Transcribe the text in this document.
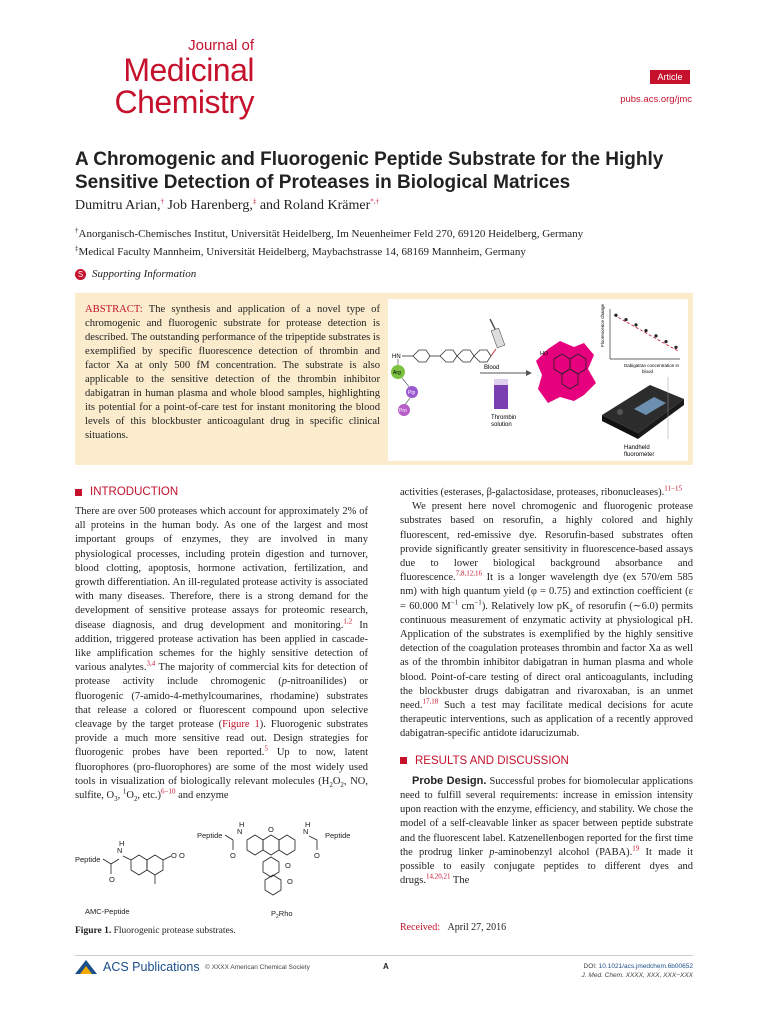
Journal of
Medicinal
Chemistry
Article
pubs.acs.org/jmc
A Chromogenic and Fluorogenic Peptide Substrate for the Highly Sensitive Detection of Proteases in Biological Matrices
Dumitru Arian,† Job Harenberg,‡ and Roland Krämer*,†
†Anorganisch-Chemisches Institut, Universität Heidelberg, Im Neuenheimer Feld 270, 69120 Heidelberg, Germany
‡Medical Faculty Mannheim, Universität Heidelberg, Maybachstrasse 14, 68169 Mannheim, Germany
S Supporting Information
ABSTRACT: The synthesis and application of a novel type of chromogenic and fluorogenic substrate for protease detection is described. The outstanding performance of the tripeptide substrates is exemplified by specific fluorescence detection of thrombin and factor Xa at only 500 fM concentration. The substrate is also applicable to the sensitive detection of the thrombin inhibitor dabigatran in human plasma and whole blood samples, highlighting its potential for a point-of-care test for instant monitoring the blood levels of this blockbuster anticoagulant drug in specific clinical situations.
HN
Arg
Pip
Pro
Blood
Thrombin
solution
HO
Fluorescence change
Dabigatran concentration in
blood
Handheld
fluorometer
INTRODUCTION
There are over 500 proteases which account for approximately 2% of all proteins in the human body. As one of the largest and most important groups of enzymes, they are involved in many physiological processes, including protein digestion and turnover, blood clotting, apoptosis, hormone activation, fertilization, and growth differentiation. An ill-regulated protease activity is associated with many diseases. Therefore, there is a strong demand for the development of sensitive protease assays for proteomic research, disease diagnosis, and drug development and monitoring.$^{1,2}$ In addition, triggered protease activation has been applied in cascade-like amplification schemes for the highly sensitive detection of various analytes.$^{3,4}$ The majority of commercial kits for detection of protease activity include chromogenic (p-nitroanilides) or fluorogenic (7-amido-4-methylcoumarines, rhodamine) substrates that release a colored or fluorescent compound upon selective cleavage by the target protease (Figure 1). Fluorogenic substrates provide a much more sensitive read out. Design strategies for fluorogenic probes have been reported.$^5$ Up to now, latent fluorophores (pro-fluorophores) are some of the most widely used tools in visualization of biologically relevant molecules ($H_2O_2$, NO, sulfite, $O_3$, $^1O_2$, etc.)$^{6-10}$ and enzyme
Peptide
O
N
H
O O
AMC-Peptide
Peptide
O
N
H
O	N
H
O
Peptide
O
O
$P_2Rho$
Figure 1. Fluorogenic protease substrates.
activities (esterases, β-galactosidase, proteases, ribonucleases).$^{11-15}$
We present here novel chromogenic and fluorogenic protease substrates based on resorufin, a highly colored and highly fluorescent, red-emissive dye. Resorufin-based substrates often provide significantly greater sensitivity in fluorescence-based assays due to lower biological background absorbance and fluorescence.$^{7,8,12,16}$ It is a longer wavelength dye (ex 570/em 585 nm) with high quantum yield (φ = 0.75) and extinction coefficient (ε = 60.000 $M^{-1}$ $cm^{-1}$). Relatively low $pK_a$ of resorufin (∼6.0) permits continuous measurement of enzymatic activity at physiological pH. Application of the substrates is exemplified by the highly sensitive detection of the coagulation proteases thrombin and factor Xa as well as of the thrombin inhibitor dabigatran in human plasma and whole blood. Point-of-care testing of direct oral anticoagulants, including the blockbuster drugs dabigatran and rivaroxaban, is an unmet need.$^{17,18}$ Such a test may facilitate medical decisions for acute therapeutic interventions, such as application of a recently approved dabigatran-specific antidote idarucizumab.
RESULTS AND DISCUSSION
Probe Design. Successful probes for biomolecular applications need to fulfill several requirements: increase in emission intensity upon reaction with the enzyme, efficiency, and stability. We chose the model of a self-cleavable linker as spacer between peptide substrate and the fluorescent label. Katzenellenbogen reported for the first time the prodrug linker p-aminobenzyl alcohol (PABA).$^{19}$ It made it possible to easily conjugate peptides to different dyes and drugs.$^{14,20,21}$ The
Received: April 27, 2016
ACS Publications © XXXX American Chemical Society	A	DOI: 10.1021/acs.jmedchem.6b00652
J. Med. Chem. XXXX, XXX, XXX−XXX
